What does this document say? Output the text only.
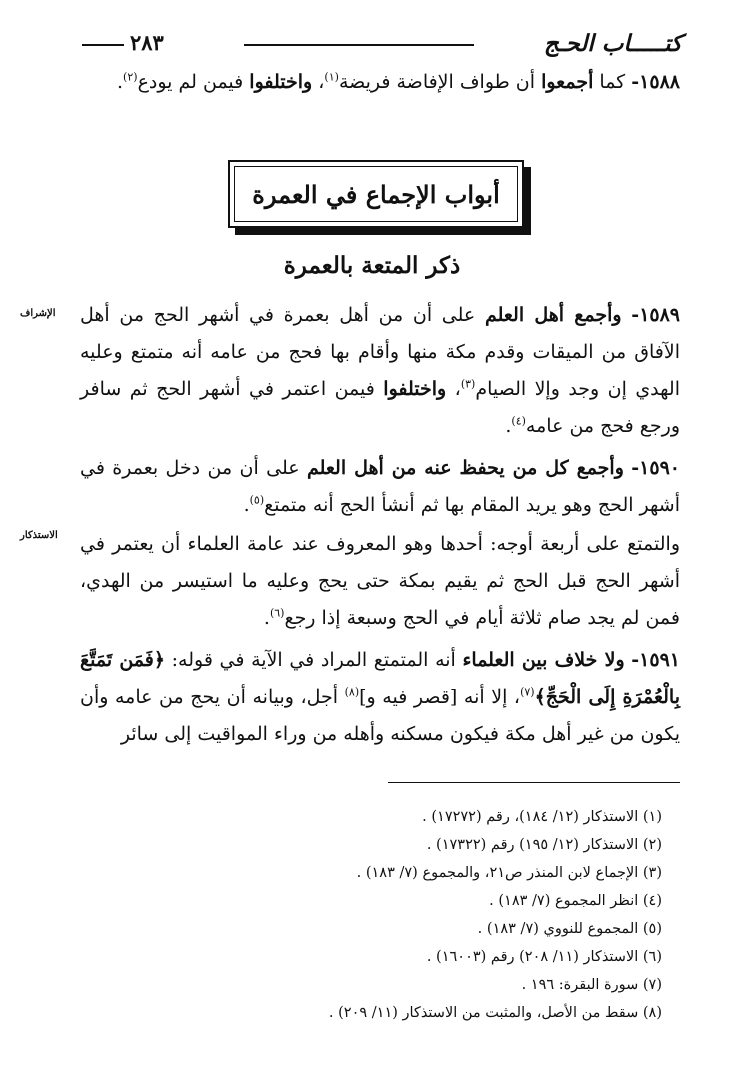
كتـــــاب الحـج
٢٨٣

١٥٨٨- كما أجمعوا أن طواف الإفاضة فريضة$^{(١)}$، واختلفوا فيمن لم يودع$^{(٢)}$.

أبواب الإجماع في العمرة
ذكر المتعة بالعمرة
الإشراف
الاستذكار

١٥٨٩- وأجمع أهل العلم على أن من أهل بعمرة في أشهر الحج من أهل الآفاق من الميقات وقدم مكة منها وأقام بها فحج من عامه أنه متمتع وعليه الهدي إن وجد وإلا الصيام$^{(٣)}$، واختلفوا فيمن اعتمر في أشهر الحج ثم سافر ورجع فحج من عامه$^{(٤)}$.

١٥٩٠- وأجمع كل من يحفظ عنه من أهل العلم على أن من دخل بعمرة في أشهر الحج وهو يريد المقام بها ثم أنشأ الحج أنه متمتع$^{(٥)}$.

والتمتع على أربعة أوجه: أحدها وهو المعروف عند عامة العلماء أن يعتمر في أشهر الحج قبل الحج ثم يقيم بمكة حتى يحج وعليه ما استيسر من الهدي، فمن لم يجد صام ثلاثة أيام في الحج وسبعة إذا رجع$^{(٦)}$.

١٥٩١- ولا خلاف بين العلماء أنه المتمتع المراد في الآية في قوله: ﴿فَمَن تَمَتَّعَ بِالْعُمْرَةِ إِلَى الْحَجِّ﴾$^{(٧)}$، إلا أنه [قصر فيه و]$^{(٨)}$ أجل، وبيانه أن يحج من عامه وأن يكون من غير أهل مكة فيكون مسكنه وأهله من وراء المواقيت إلى سائر

(١) الاستذكار (١٢/ ١٨٤)، رقم (١٧٢٧٢) .
(٢) الاستذكار (١٢/ ١٩٥) رقم (١٧٣٢٢) .
(٣) الإجماع لابن المنذر ص٢١، والمجموع (٧/ ١٨٣) .
(٤) انظر المجموع (٧/ ١٨٣) .
(٥) المجموع للنووي (٧/ ١٨٣) .
(٦) الاستذكار (١١/ ٢٠٨) رقم (١٦٠٠٣) .
(٧) سورة البقرة: ١٩٦ .
(٨) سقط من الأصل، والمثبت من الاستذكار (١١/ ٢٠٩) .
